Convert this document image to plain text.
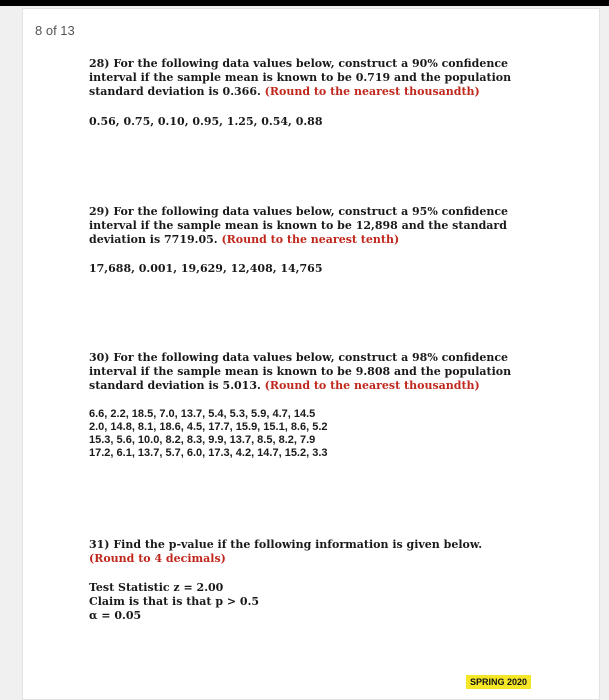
8 of 13
28) For the following data values below, construct a 90% confidence interval if the sample mean is known to be 0.719 and the population standard deviation is 0.366. (Round to the nearest thousandth)
0.56, 0.75, 0.10, 0.95, 1.25, 0.54, 0.88
29) For the following data values below, construct a 95% confidence interval if the sample mean is known to be 12,898 and the standard deviation is 7719.05. (Round to the nearest tenth)
17,688, 0.001, 19,629, 12,408, 14,765
30) For the following data values below, construct a 98% confidence interval if the sample mean is known to be 9.808 and the population standard deviation is 5.013. (Round to the nearest thousandth)
6.6, 2.2, 18.5, 7.0, 13.7, 5.4, 5.3, 5.9, 4.7, 14.5
2.0, 14.8, 8.1, 18.6, 4.5, 17.7, 15.9, 15.1, 8.6, 5.2
15.3, 5.6, 10.0, 8.2, 8.3, 9.9, 13.7, 8.5, 8.2, 7.9
17.2, 6.1, 13.7, 5.7, 6.0, 17.3, 4.2, 14.7, 15.2, 3.3
31) Find the p-value if the following information is given below. (Round to 4 decimals)
Test Statistic z = 2.00
Claim is that is that p > 0.5
α = 0.05
SPRING 2020
